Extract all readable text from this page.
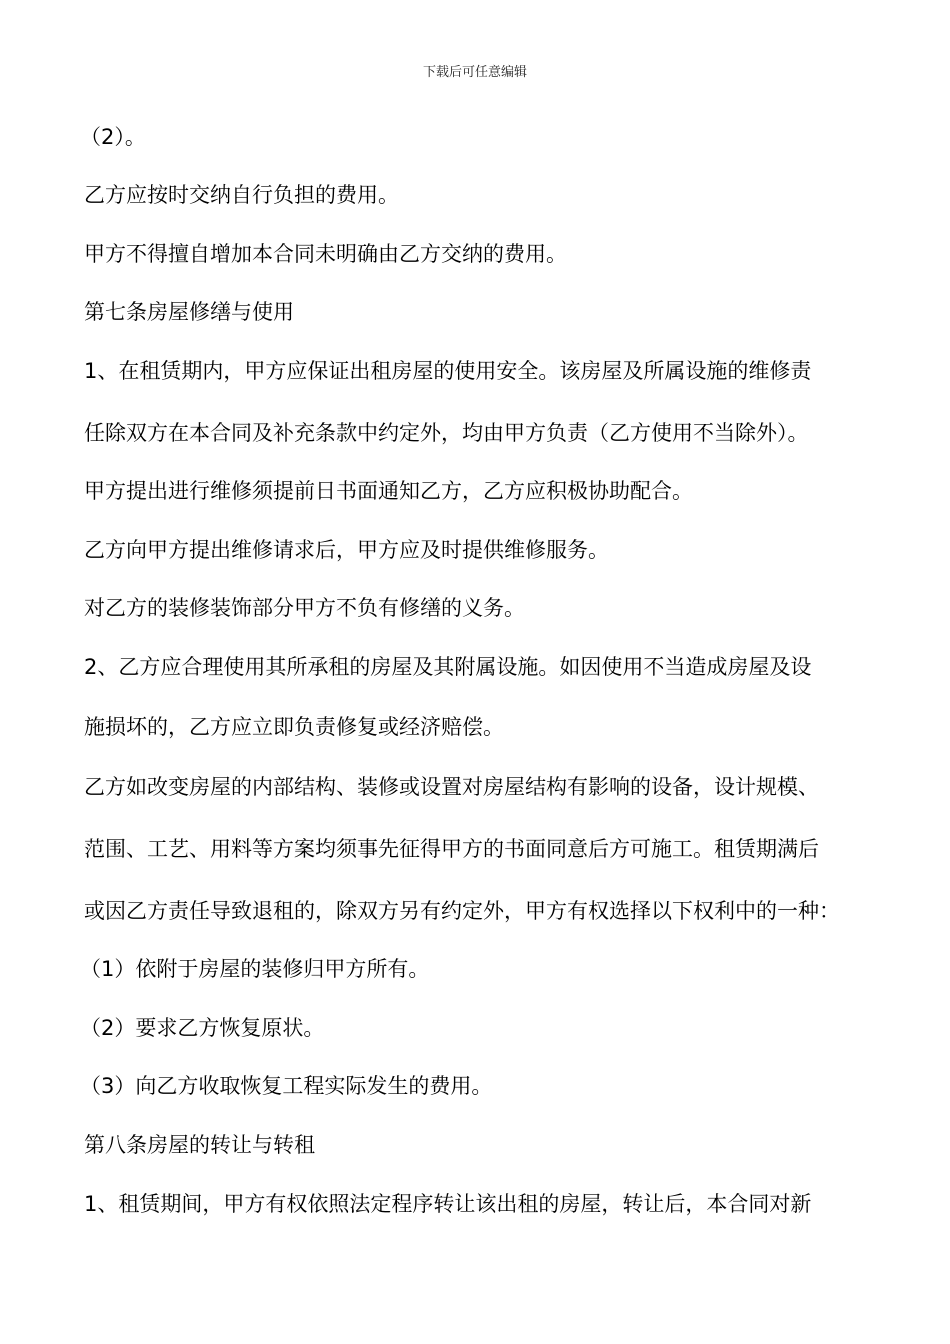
下载后可任意编辑
（2）。
乙方应按时交纳自行负担的费用。
甲方不得擅自增加本合同未明确由乙方交纳的费用。
第七条房屋修缮与使用
1、在租赁期内，甲方应保证出租房屋的使用安全。该房屋及所属设施的维修责
任除双方在本合同及补充条款中约定外，均由甲方负责（乙方使用不当除外）。
甲方提出进行维修须提前日书面通知乙方，乙方应积极协助配合。
乙方向甲方提出维修请求后，甲方应及时提供维修服务。
对乙方的装修装饰部分甲方不负有修缮的义务。
2、乙方应合理使用其所承租的房屋及其附属设施。如因使用不当造成房屋及设
施损坏的，乙方应立即负责修复或经济赔偿。
乙方如改变房屋的内部结构、装修或设置对房屋结构有影响的设备，设计规模、
范围、工艺、用料等方案均须事先征得甲方的书面同意后方可施工。租赁期满后
或因乙方责任导致退租的，除双方另有约定外，甲方有权选择以下权利中的一种：
（1）依附于房屋的装修归甲方所有。
（2）要求乙方恢复原状。
（3）向乙方收取恢复工程实际发生的费用。
第八条房屋的转让与转租
1、租赁期间，甲方有权依照法定程序转让该出租的房屋，转让后，本合同对新
